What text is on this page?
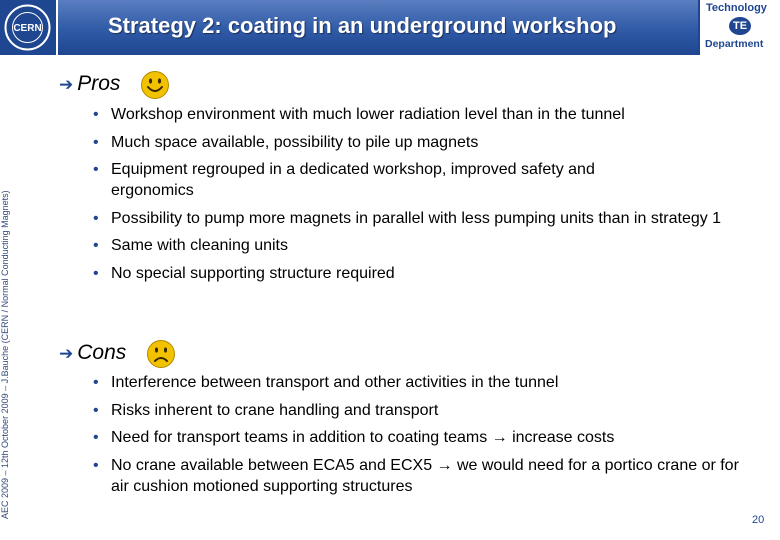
CERN	Strategy 2: coating in an underground workshop
Technology
TE
Department
AEC 2009 – 12th October 2009 – J.Bauche (CERN / Normal Conducting Magnets)
➔ Pros
• Workshop environment with much lower radiation level than in the tunnel
• Much space available, possibility to pile up magnets
• Equipment regrouped in a dedicated workshop, improved safety and ergonomics
• Possibility to pump more magnets in parallel with less pumping units than in strategy 1
• Same with cleaning units
• No special supporting structure required
➔ Cons
• Interference between transport and other activities in the tunnel
• Risks inherent to crane handling and transport
• Need for transport teams in addition to coating teams → increase costs
• No crane available between ECA5 and ECX5 → we would need for a portico crane or for air cushion motioned supporting structures
20
